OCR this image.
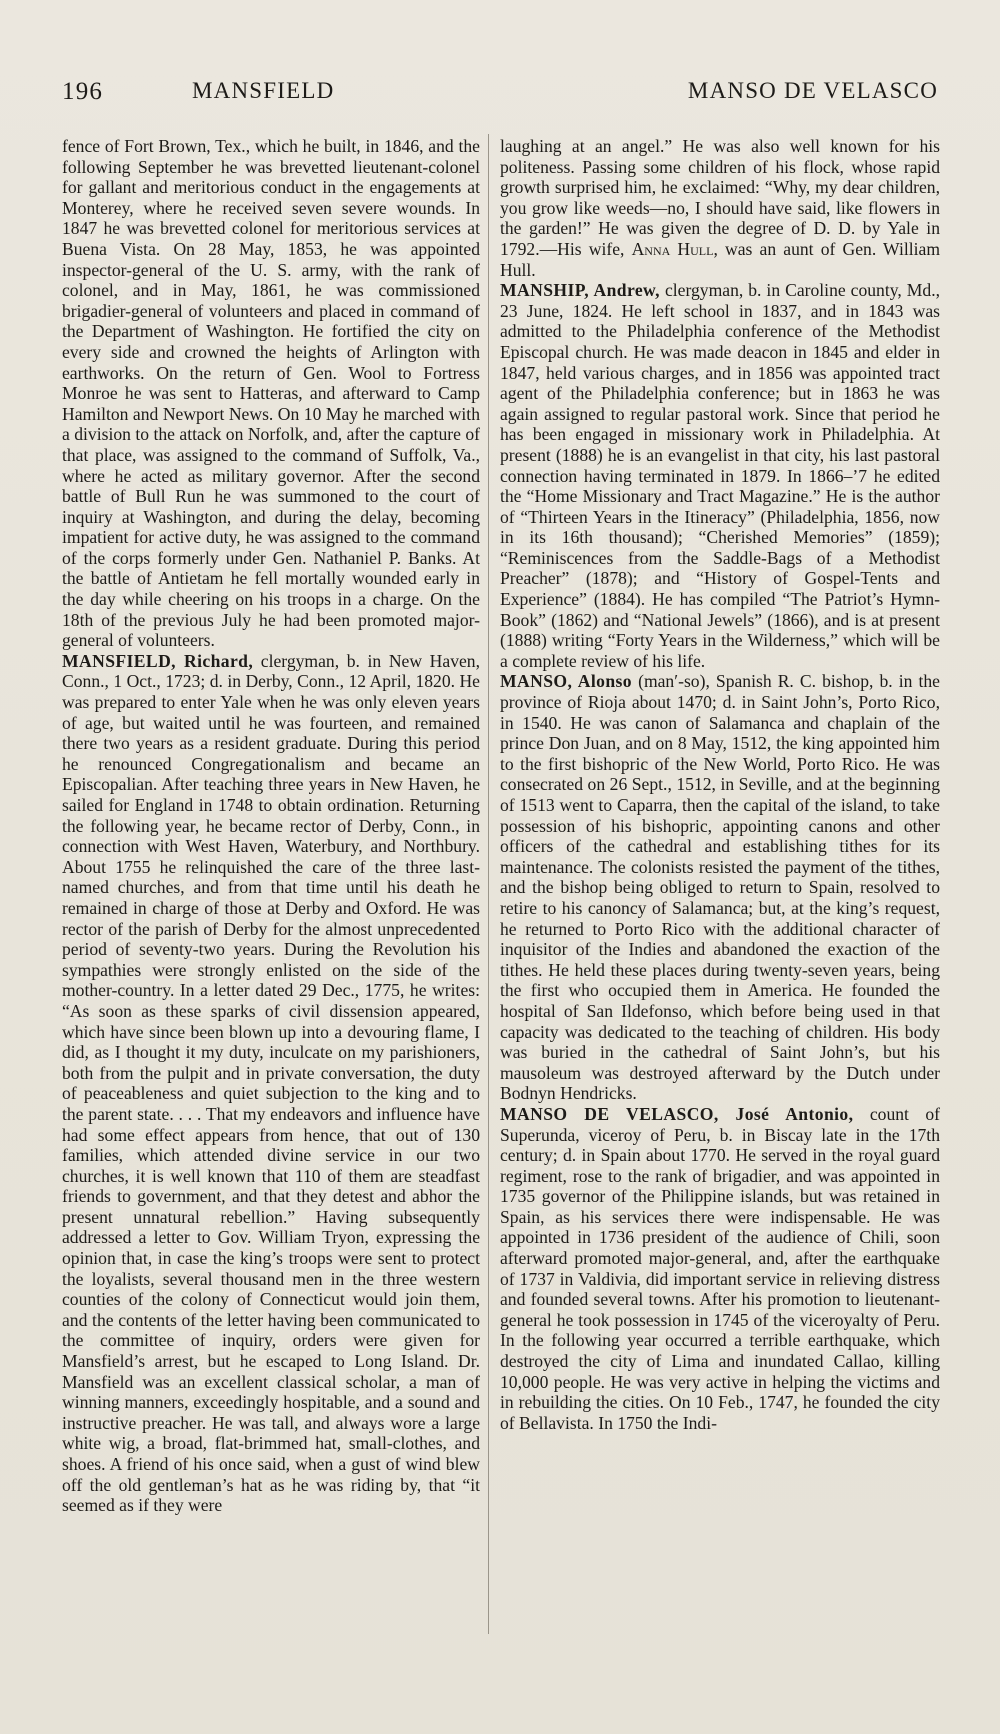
196	MANSFIELD	MANSO DE VELASCO

fence of Fort Brown, Tex., which he built, in 1846, and the following September he was brevetted lieutenant-colonel for gallant and meritorious conduct in the engagements at Monterey, where he received seven severe wounds. In 1847 he was brevetted colonel for meritorious services at Buena Vista. On 28 May, 1853, he was appointed inspector-general of the U. S. army, with the rank of colonel, and in May, 1861, he was commissioned brigadier-general of volunteers and placed in command of the Department of Washington. He fortified the city on every side and crowned the heights of Arlington with earthworks. On the return of Gen. Wool to Fortress Monroe he was sent to Hatteras, and afterward to Camp Hamilton and Newport News. On 10 May he marched with a division to the attack on Norfolk, and, after the capture of that place, was assigned to the command of Suffolk, Va., where he acted as military governor. After the second battle of Bull Run he was summoned to the court of inquiry at Washington, and during the delay, becoming impatient for active duty, he was assigned to the command of the corps formerly under Gen. Nathaniel P. Banks. At the battle of Antietam he fell mortally wounded early in the day while cheering on his troops in a charge. On the 18th of the previous July he had been promoted major-general of volunteers.

MANSFIELD, Richard, clergyman, b. in New Haven, Conn., 1 Oct., 1723; d. in Derby, Conn., 12 April, 1820. He was prepared to enter Yale when he was only eleven years of age, but waited until he was fourteen, and remained there two years as a resident graduate. During this period he renounced Congregationalism and became an Episcopalian. After teaching three years in New Haven, he sailed for England in 1748 to obtain ordination. Returning the following year, he became rector of Derby, Conn., in connection with West Haven, Waterbury, and Northbury. About 1755 he relinquished the care of the three last-named churches, and from that time until his death he remained in charge of those at Derby and Oxford. He was rector of the parish of Derby for the almost unprecedented period of seventy-two years. During the Revolution his sympathies were strongly enlisted on the side of the mother-country. In a letter dated 29 Dec., 1775, he writes: “As soon as these sparks of civil dissension appeared, which have since been blown up into a devouring flame, I did, as I thought it my duty, inculcate on my parishioners, both from the pulpit and in private conversation, the duty of peaceableness and quiet subjection to the king and to the parent state. . . . That my endeavors and influence have had some effect appears from hence, that out of 130 families, which attended divine service in our two churches, it is well known that 110 of them are steadfast friends to government, and that they detest and abhor the present unnatural rebellion.” Having subsequently addressed a letter to Gov. William Tryon, expressing the opinion that, in case the king’s troops were sent to protect the loyalists, several thousand men in the three western counties of the colony of Connecticut would join them, and the contents of the letter having been communicated to the committee of inquiry, orders were given for Mansfield’s arrest, but he escaped to Long Island. Dr. Mansfield was an excellent classical scholar, a man of winning manners, exceedingly hospitable, and a sound and instructive preacher. He was tall, and always wore a large white wig, a broad, flat-brimmed hat, small-clothes, and shoes. A friend of his once said, when a gust of wind blew off the old gentleman’s hat as he was riding by, that “it seemed as if they were

laughing at an angel.” He was also well known for his politeness. Passing some children of his flock, whose rapid growth surprised him, he exclaimed: “Why, my dear children, you grow like weeds—no, I should have said, like flowers in the garden!” He was given the degree of D. D. by Yale in 1792.—His wife, Anna Hull, was an aunt of Gen. William Hull.

MANSHIP, Andrew, clergyman, b. in Caroline county, Md., 23 June, 1824. He left school in 1837, and in 1843 was admitted to the Philadelphia conference of the Methodist Episcopal church. He was made deacon in 1845 and elder in 1847, held various charges, and in 1856 was appointed tract agent of the Philadelphia conference; but in 1863 he was again assigned to regular pastoral work. Since that period he has been engaged in missionary work in Philadelphia. At present (1888) he is an evangelist in that city, his last pastoral connection having terminated in 1879. In 1866–’7 he edited the “Home Missionary and Tract Magazine.” He is the author of “Thirteen Years in the Itineracy” (Philadelphia, 1856, now in its 16th thousand); “Cherished Memories” (1859); “Reminiscences from the Saddle-Bags of a Methodist Preacher” (1878); and “History of Gospel-Tents and Experience” (1884). He has compiled “The Patriot’s Hymn-Book” (1862) and “National Jewels” (1866), and is at present (1888) writing “Forty Years in the Wilderness,” which will be a complete review of his life.

MANSO, Alonso (man′-so), Spanish R. C. bishop, b. in the province of Rioja about 1470; d. in Saint John’s, Porto Rico, in 1540. He was canon of Salamanca and chaplain of the prince Don Juan, and on 8 May, 1512, the king appointed him to the first bishopric of the New World, Porto Rico. He was consecrated on 26 Sept., 1512, in Seville, and at the beginning of 1513 went to Caparra, then the capital of the island, to take possession of his bishopric, appointing canons and other officers of the cathedral and establishing tithes for its maintenance. The colonists resisted the payment of the tithes, and the bishop being obliged to return to Spain, resolved to retire to his canoncy of Salamanca; but, at the king’s request, he returned to Porto Rico with the additional character of inquisitor of the Indies and abandoned the exaction of the tithes. He held these places during twenty-seven years, being the first who occupied them in America. He founded the hospital of San Ildefonso, which before being used in that capacity was dedicated to the teaching of children. His body was buried in the cathedral of Saint John’s, but his mausoleum was destroyed afterward by the Dutch under Bodnyn Hendricks.

MANSO DE VELASCO, José Antonio, count of Superunda, viceroy of Peru, b. in Biscay late in the 17th century; d. in Spain about 1770. He served in the royal guard regiment, rose to the rank of brigadier, and was appointed in 1735 governor of the Philippine islands, but was retained in Spain, as his services there were indispensable. He was appointed in 1736 president of the audience of Chili, soon afterward promoted major-general, and, after the earthquake of 1737 in Valdivia, did important service in relieving distress and founded several towns. After his promotion to lieutenant-general he took possession in 1745 of the viceroyalty of Peru. In the following year occurred a terrible earthquake, which destroyed the city of Lima and inundated Callao, killing 10,000 people. He was very active in helping the victims and in rebuilding the cities. On 10 Feb., 1747, he founded the city of Bellavista. In 1750 the Indi-
